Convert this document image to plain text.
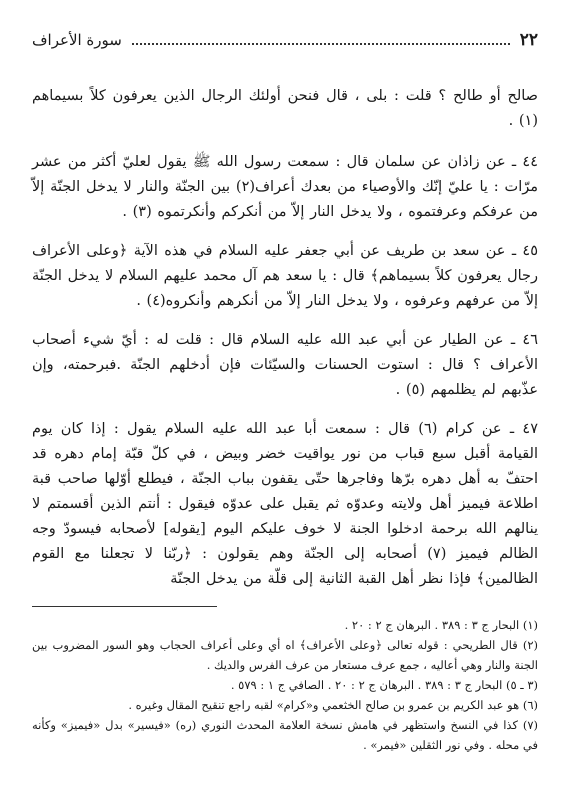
٢٢
سورة الأعراف

صالح أو طالح ؟ قلت : بلى ، قال فنحن أولئك الرجال الذين يعرفون كلاً بسيماهم (١) .

٤٤ ـ عن زاذان عن سلمان قال : سمعت رسول الله ﷺ يقول لعليّ أكثر من عشر مرّات : يا عليّ إنّك والأوصياء من بعدك أعراف(٢) بين الجنّة والنار لا يدخل الجنّة إلاّ من عرفكم وعرفتموه ، ولا يدخل النار إلاّ من أنكركم وأنكرتموه (٣) .

٤٥ ـ عن سعد بن طريف عن أبي جعفر عليه السلام في هذه الآية ﴿وعلى الأعراف رجال يعرفون كلاً بسيماهم﴾ قال : يا سعد هم آل محمد عليهم السلام لا يدخل الجنّة إلاّ من عرفهم وعرفوه ، ولا يدخل النار إلاّ من أنكرهم وأنكروه(٤) .

٤٦ ـ عن الطيار عن أبي عبد الله عليه السلام قال : قلت له : أيّ شيء أصحاب الأعراف ؟ قال : استوت الحسنات والسيّئات فإن أدخلهم الجنّة .فبرحمته، وإن عذّبهم لم يظلمهم (٥) .

٤٧ ـ عن كرام (٦) قال : سمعت أبا عبد الله عليه السلام يقول : إذا كان يوم القيامة أقبل سبع قباب من نور يواقيت خضر وبيض ، في كلّ قبّة إمام دهره قد احتفّ به أهل دهره برّها وفاجرها حتّى يقفون بباب الجنّة ، فيطلع أوّلها صاحب قبة اطلاعة فيميز أهل ولايته وعدوّه ثم يقبل على عدوّه فيقول : أنتم الذين أقسمتم لا ينالهم الله برحمة ادخلوا الجنة لا خوف عليكم اليوم [يقوله] لأصحابه فيسودّ وجه الظالم فيميز (٧) أصحابه إلى الجنّة وهم يقولون : ﴿ربّنا لا تجعلنا مع القوم الظالمين﴾ فإذا نظر أهل القبة الثانية إلى قلّة من يدخل الجنّة

(١) البحار ج ٣ : ٣٨٩ . البرهان ج ٢ : ٢٠ .

(٢) قال الطريحي : قوله تعالى ﴿وعلى الأعراف﴾ اه أي وعلى أعراف الحجاب وهو السور المضروب بين الجنة والنار وهي أعاليه ، جمع عرف مستعار من عرف الفرس والديك .

(٣ ـ ٥) البحار ج ٣ : ٣٨٩ . البرهان ج ٢ : ٢٠ . الصافي ج ١ : ٥٧٩ .

(٦) هو عبد الكريم بن عمرو بن صالح الخثعمي و«كرام» لقبه راجع تنقيح المقال وغيره .

(٧) كذا في النسخ واستظهر في هامش نسخة العلامة المحدث النوري (ره) «فيسير» بدل «فيميز» وكأنه في محله . وفي نور الثقلين «فيمر» .
